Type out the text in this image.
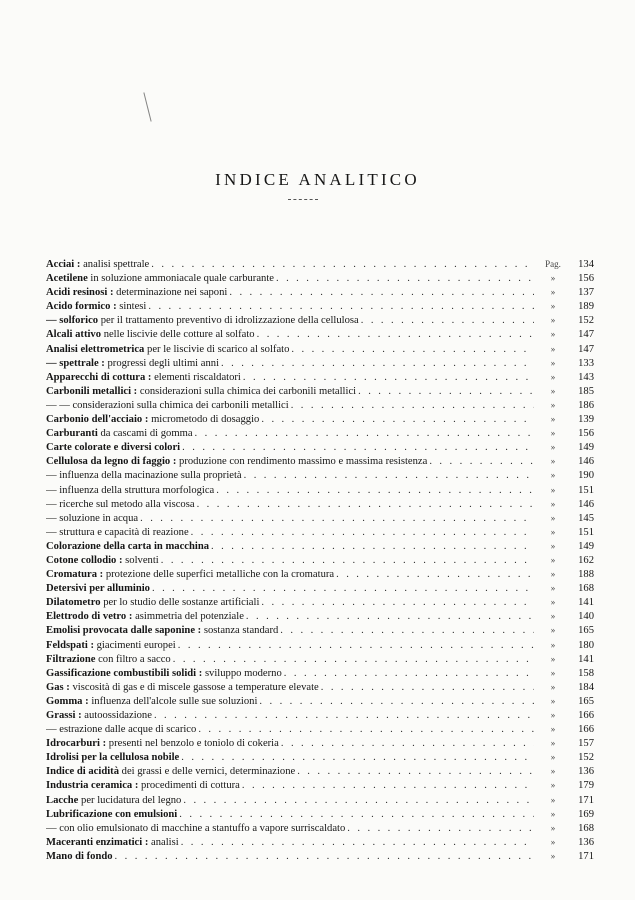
INDICE ANALITICO
Acciai : analisi spettrale . . .	Pag.	134
Acetilene in soluzione ammoniacale quale carburante . . .	»	156
Acidi resinosi : determinazione nei saponi . . .	»	137
Acido formico : sintesi . . .	»	189
— solforico per il trattamento preventivo di idrolizzazione della cellulosa . . .	»	152
Alcali attivo nelle liscivie delle cotture al solfato . . .	»	147
Analisi elettrometrica per le liscivie di scarico al solfato . . .	»	147
— spettrale : progressi degli ultimi anni . . .	»	133
Apparecchi di cottura : elementi riscaldatori . . .	»	143
Carbonili metallici : considerazioni sulla chimica dei carbonili metallici . . .	»	185
— — considerazioni sulla chimica dei carbonili metallici . . .	»	186
Carbonio dell'acciaio : micrometodo di dosaggio . . .	»	139
Carburanti da cascami di gomma . . .	»	156
Carte colorate e diversi colori . . .	»	149
Cellulosa da legno di faggio : produzione con rendimento massimo e massima resistenza . . .	»	146
— influenza della macinazione sulla proprietà . . .	»	190
— influenza della struttura morfologica . . .	»	151
— ricerche sul metodo alla viscosa . . .	»	146
— soluzione in acqua . . .	»	145
— struttura e capacità di reazione . . .	»	151
Colorazione della carta in macchina . . .	»	149
Cotone collodio : solventi . . .	»	162
Cromatura : protezione delle superfici metalliche con la cromatura . . .	»	188
Detersivi per alluminio . . .	»	168
Dilatometro per lo studio delle sostanze artificiali . . .	»	141
Elettrodo di vetro : asimmetria del potenziale . . .	»	140
Emolisi provocata dalle saponine : sostanza standard . . .	»	165
Feldspati : giacimenti europei . . .	»	180
Filtrazione con filtro a sacco . . .	»	141
Gassificazione combustibili solidi : sviluppo moderno . . .	»	158
Gas : viscosità di gas e di miscele gassose a temperature elevate . . .	»	184
Gomma : influenza dell'alcole sulle sue soluzioni . . .	»	165
Grassi : autoossidazione . . .	»	166
— estrazione dalle acque di scarico . . .	»	166
Idrocarburi : presenti nel benzolo e toniolo di cokeria . . .	»	157
Idrolisi per la cellulosa nobile . . .	»	152
Indice di acidità dei grassi e delle vernici, determinazione . . .	»	136
Industria ceramica : procedimenti di cottura . . .	»	179
Lacche per lucidatura del legno . . .	»	171
Lubrificazione con emulsioni . . .	»	169
— con olio emulsionato di macchine a stantuffo a vapore surriscaldato . . .	»	168
Maceranti enzimatici : analisi . . .	»	136
Mano di fondo . . .	»	171
